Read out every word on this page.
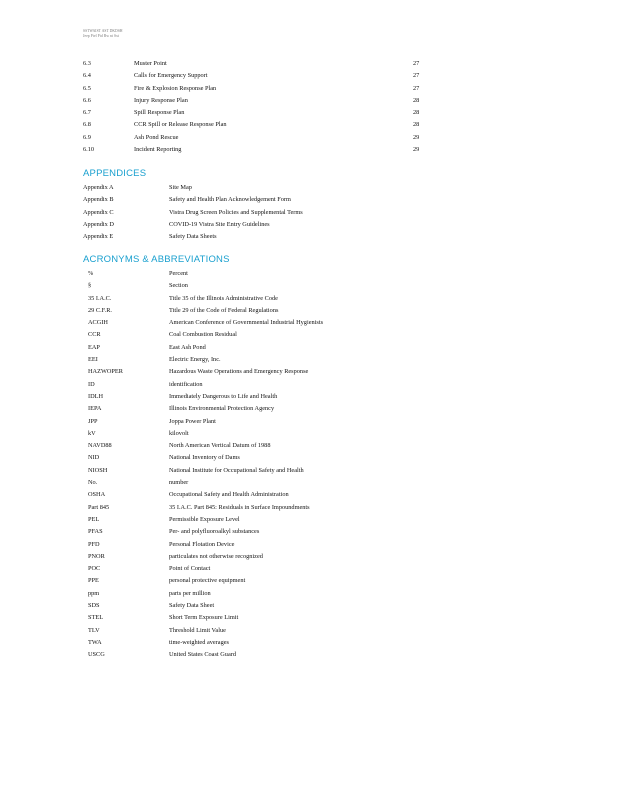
SSTWAIST AST DKDSH
Jeep Ptel Ptd Rw nt Sxt
6.3	Muster Point	27
6.4	Calls for Emergency Support	27
6.5	Fire & Explosion Response Plan	27
6.6	Injury Response Plan	28
6.7	Spill Response Plan	28
6.8	CCR Spill or Release Response Plan	28
6.9	Ash Pond Rescue	29
6.10	Incident Reporting	29
APPENDICES
Appendix A	Site Map
Appendix B	Safety and Health Plan Acknowledgement Form
Appendix C	Vistra Drug Screen Policies and Supplemental Terms
Appendix D	COVID-19 Vistra Site Entry Guidelines
Appendix E	Safety Data Sheets
ACRONYMS & ABBREVIATIONS
%	Percent
§	Section
35 I.A.C.	Title 35 of the Illinois Administrative Code
29 C.F.R.	Title 29 of the Code of Federal Regulations
ACGIH	American Conference of Governmental Industrial Hygienists
CCR	Coal Combustion Residual
EAP	East Ash Pond
EEI	Electric Energy, Inc.
HAZWOPER	Hazardous Waste Operations and Emergency Response
ID	identification
IDLH	Immediately Dangerous to Life and Health
IEPA	Illinois Environmental Protection Agency
JPP	Joppa Power Plant
kV	kilovolt
NAVD88	North American Vertical Datum of 1988
NID	National Inventory of Dams
NIOSH	National Institute for Occupational Safety and Health
No.	number
OSHA	Occupational Safety and Health Administration
Part 845	35 I.A.C. Part 845: Residuals in Surface Impoundments
PEL	Permissible Exposure Level
PFAS	Per- and polyfluoroalkyl substances
PFD	Personal Flotation Device
PNOR	particulates not otherwise recognized
POC	Point of Contact
PPE	personal protective equipment
ppm	parts per million
SDS	Safety Data Sheet
STEL	Short Term Exposure Limit
TLV	Threshold Limit Value
TWA	time-weighted averages
USCG	United States Coast Guard
